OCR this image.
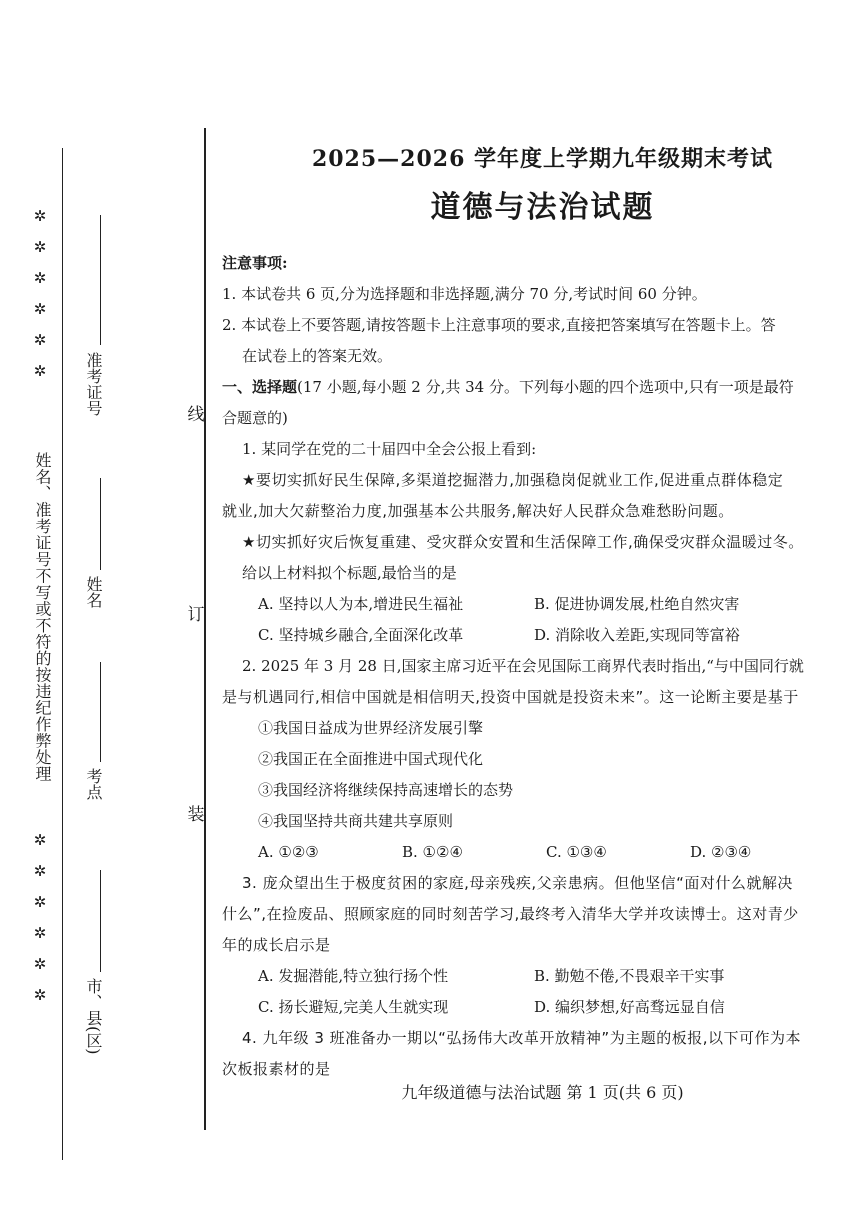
✲
✲
✲
✲
✲
✲
姓名、准考证号不写或不符的按违纪作弊处理
✲
✲
✲
✲
✲
✲
准考证号
姓名
考点
市、县(区)
线
订
装
2025—2026 学年度上学期九年级期末考试
道德与法治试题

注意事项:

1. 本试卷共 6 页,分为选择题和非选择题,满分 70 分,考试时间 60 分钟。

2. 本试卷上不要答题,请按答题卡上注意事项的要求,直接把答案填写在答题卡上。答

在试卷上的答案无效。

一、选择题(17 小题,每小题 2 分,共 34 分。下列每小题的四个选项中,只有一项是最符

合题意的)

1. 某同学在党的二十届四中全会公报上看到:

★要切实抓好民生保障,多渠道挖掘潜力,加强稳岗促就业工作,促进重点群体稳定

就业,加大欠薪整治力度,加强基本公共服务,解决好人民群众急难愁盼问题。

★切实抓好灾后恢复重建、受灾群众安置和生活保障工作,确保受灾群众温暖过冬。

给以上材料拟个标题,最恰当的是

A. 坚持以人为本,增进民生福祉	B. 促进协调发展,杜绝自然灾害
C. 坚持城乡融合,全面深化改革	D. 消除收入差距,实现同等富裕

2. 2025 年 3 月 28 日,国家主席习近平在会见国际工商界代表时指出,“与中国同行就

是与机遇同行,相信中国就是相信明天,投资中国就是投资未来”。这一论断主要是基于

①我国日益成为世界经济发展引擎

②我国正在全面推进中国式现代化

③我国经济将继续保持高速增长的态势

④我国坚持共商共建共享原则

A. ①②③	B. ①②④	C. ①③④	D. ②③④

3. 庞众望出生于极度贫困的家庭,母亲残疾,父亲患病。但他坚信“面对什么就解决

什么”,在捡废品、照顾家庭的同时刻苦学习,最终考入清华大学并攻读博士。这对青少

年的成长启示是

A. 发掘潜能,特立独行扬个性	B. 勤勉不倦,不畏艰辛干实事
C. 扬长避短,完美人生就实现	D. 编织梦想,好高骛远显自信

4. 九年级 3 班准备办一期以“弘扬伟大改革开放精神”为主题的板报,以下可作为本

次板报素材的是

九年级道德与法治试题 第 1 页(共 6 页)
